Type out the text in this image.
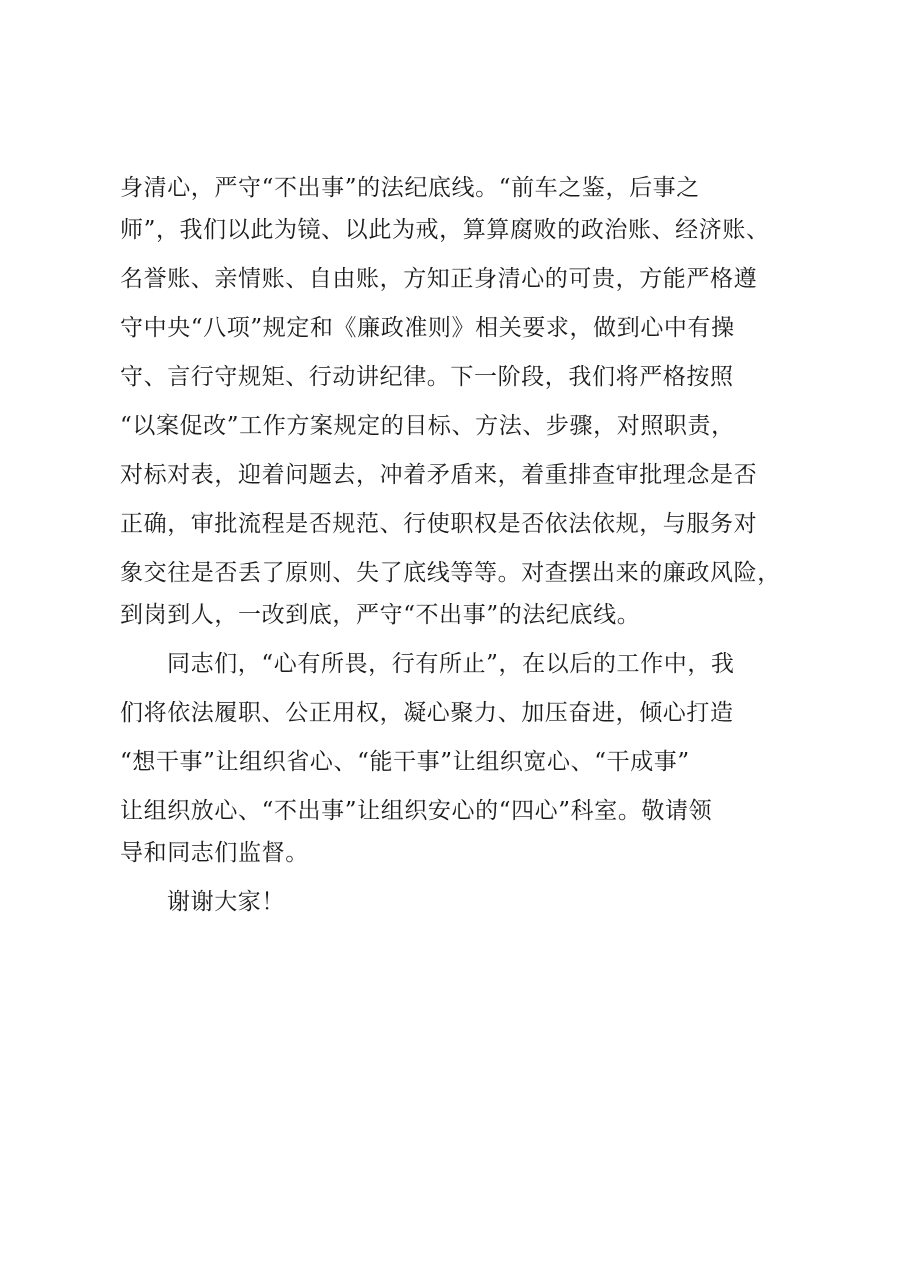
身清心，严守“不出事”的法纪底线。“前车之鉴，后事之
师”，我们以此为镜、以此为戒，算算腐败的政治账、经济账、
名誉账、亲情账、自由账，方知正身清心的可贵，方能严格遵
守中央“八项”规定和《廉政准则》相关要求，做到心中有操
守、言行守规矩、行动讲纪律。下一阶段，我们将严格按照
“以案促改”工作方案规定的目标、方法、步骤，对照职责，
对标对表，迎着问题去，冲着矛盾来，着重排查审批理念是否
正确，审批流程是否规范、行使职权是否依法依规，与服务对
象交往是否丢了原则、失了底线等等。对查摆出来的廉政风险，
到岗到人，一改到底，严守“不出事”的法纪底线。
同志们，“心有所畏，行有所止”，在以后的工作中，我
们将依法履职、公正用权，凝心聚力、加压奋进，倾心打造
“想干事”让组织省心、“能干事”让组织宽心、“干成事”
让组织放心、“不出事”让组织安心的“四心”科室。敬请领
导和同志们监督。
谢谢大家！
